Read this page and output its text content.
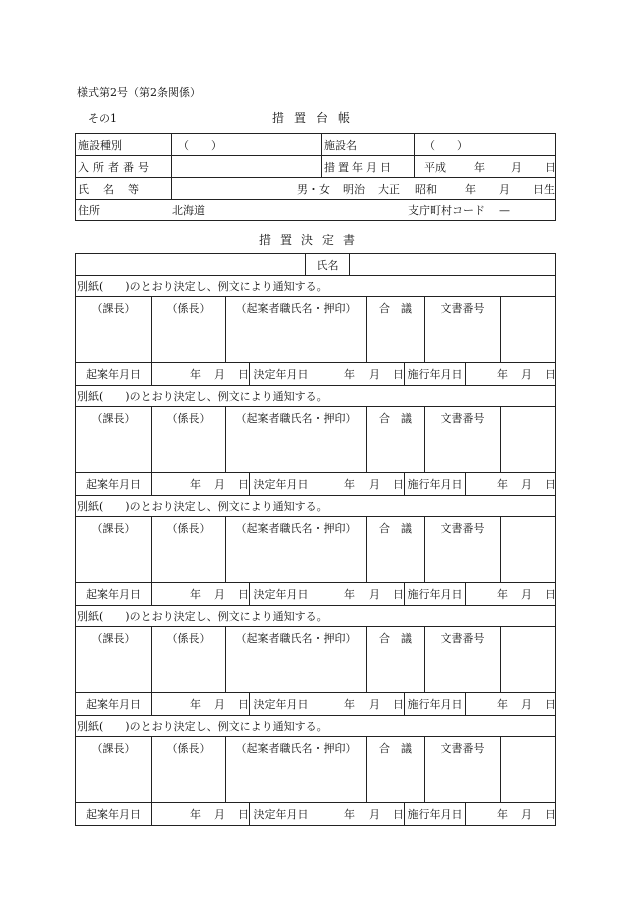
様式第2号（第2条関係）
その1	措置台帳
施設種別	（　　）	施設名	（　　）
入所者番号	措置年月日	平成	年 月 日
氏名等	男・女 明治 大正 昭和	年 月 日生
住所	北海道	支庁町村コード —
措置決定書
氏名
別紙(　　)のとおり決定し、例文により通知する。
（課長）	（係長）	（起案者職氏名・押印）	合　議	文書番号
起案年月日	年 月 日 決定年月日	年 月 日 施行年月日	年 月 日
別紙(　　)のとおり決定し、例文により通知する。
（課長）	（係長）	（起案者職氏名・押印）	合　議	文書番号
起案年月日	年 月 日 決定年月日	年 月 日 施行年月日	年 月 日
別紙(　　)のとおり決定し、例文により通知する。
（課長）	（係長）	（起案者職氏名・押印）	合　議	文書番号
起案年月日	年 月 日 決定年月日	年 月 日 施行年月日	年 月 日
別紙(　　)のとおり決定し、例文により通知する。
（課長）	（係長）	（起案者職氏名・押印）	合　議	文書番号
起案年月日	年 月 日 決定年月日	年 月 日 施行年月日	年 月 日
別紙(　　)のとおり決定し、例文により通知する。
（課長）	（係長）	（起案者職氏名・押印）	合　議	文書番号
起案年月日	年 月 日 決定年月日	年 月 日 施行年月日	年 月 日
